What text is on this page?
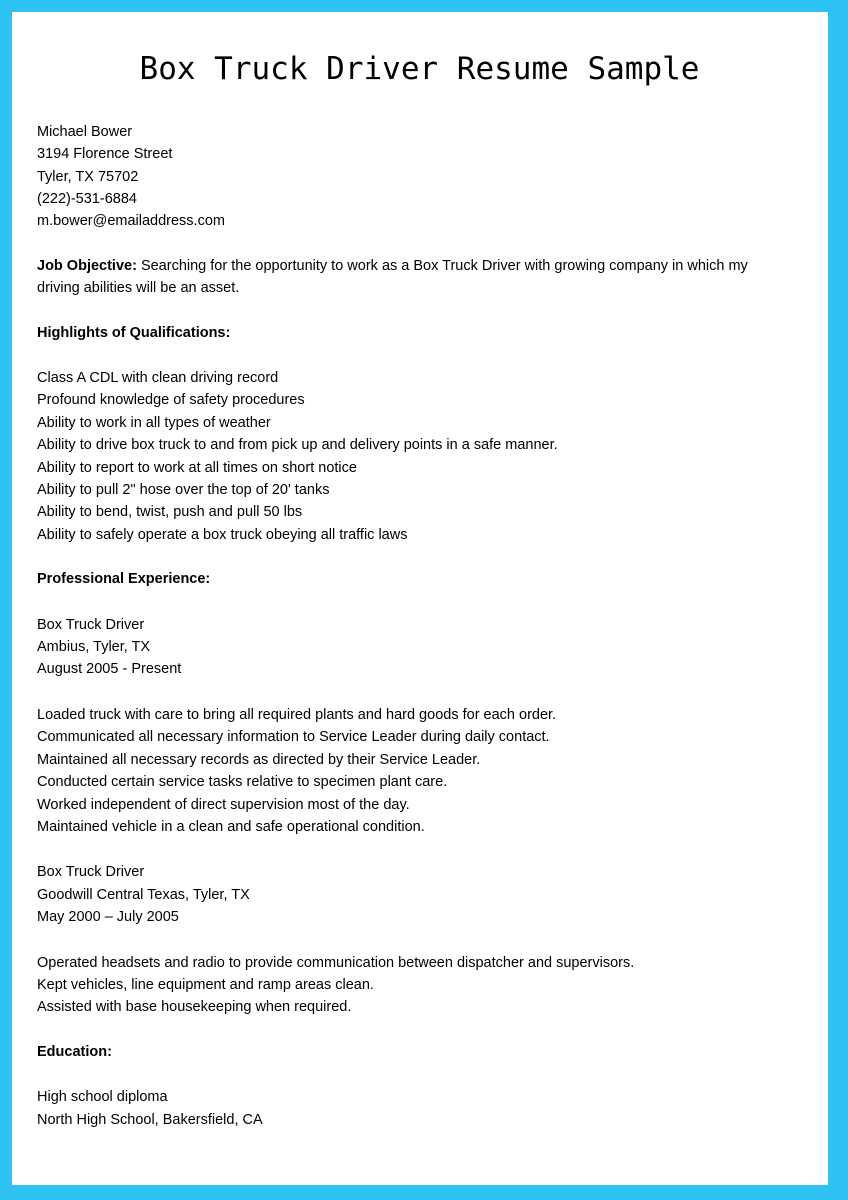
Box Truck Driver Resume Sample
Michael Bower
3194 Florence Street
Tyler, TX 75702
(222)-531-6884
m.bower@emailaddress.com

Job Objective: Searching for the opportunity to work as a Box Truck Driver with growing company in which my driving abilities will be an asset.

Highlights of Qualifications:
Class A CDL with clean driving record
Profound knowledge of safety procedures
Ability to work in all types of weather
Ability to drive box truck to and from pick up and delivery points in a safe manner.
Ability to report to work at all times on short notice
Ability to pull 2" hose over the top of 20' tanks
Ability to bend, twist, push and pull 50 lbs
Ability to safely operate a box truck obeying all traffic laws
Professional Experience:
Box Truck Driver
Ambius, Tyler, TX
August 2005 - Present
Loaded truck with care to bring all required plants and hard goods for each order.
Communicated all necessary information to Service Leader during daily contact.
Maintained all necessary records as directed by their Service Leader.
Conducted certain service tasks relative to specimen plant care.
Worked independent of direct supervision most of the day.
Maintained vehicle in a clean and safe operational condition.
Box Truck Driver
Goodwill Central Texas, Tyler, TX
May 2000 – July 2005
Operated headsets and radio to provide communication between dispatcher and supervisors.
Kept vehicles, line equipment and ramp areas clean.
Assisted with base housekeeping when required.
Education:
High school diploma
North High School, Bakersfield, CA
